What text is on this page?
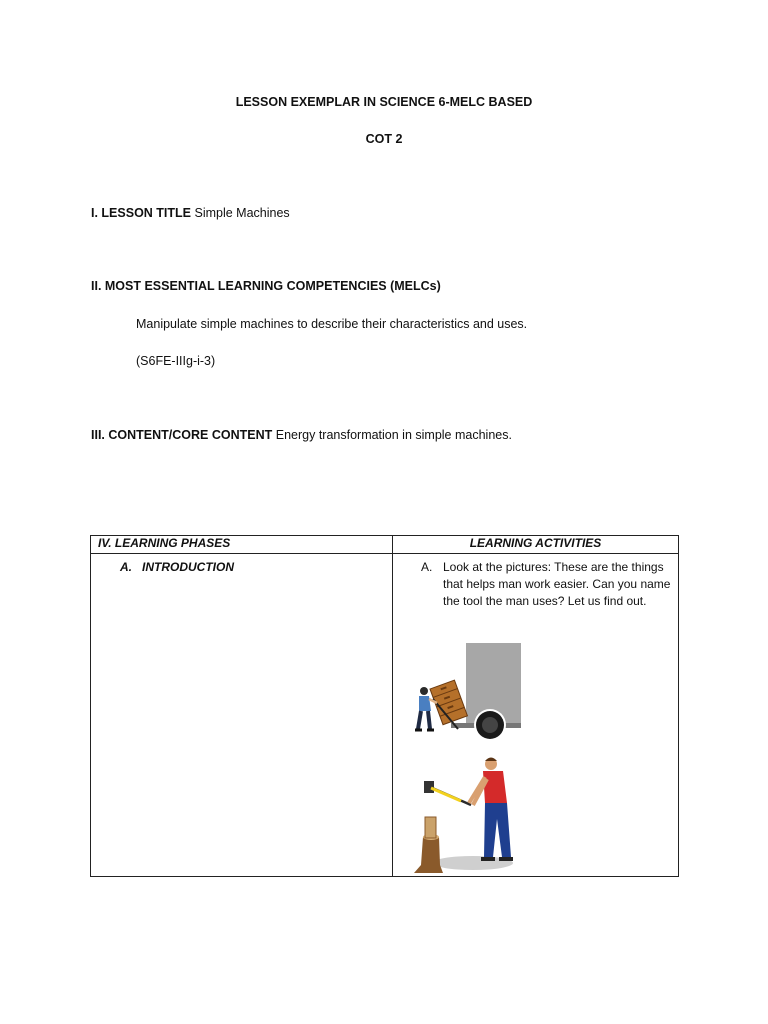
LESSON EXEMPLAR IN SCIENCE 6-MELC BASED
COT 2
I. LESSON TITLE Simple Machines
II. MOST ESSENTIAL LEARNING COMPETENCIES (MELCs)
Manipulate simple machines to describe their characteristics and uses.
(S6FE-IIIg-i-3)
III. CONTENT/CORE CONTENT Energy transformation in simple machines.
IV. LEARNING PHASES	LEARNING ACTIVITIES

A. INTRODUCTION	A. Look at the pictures: These are the things that helps man work easier. Can you name the tool the man uses? Let us find out.
